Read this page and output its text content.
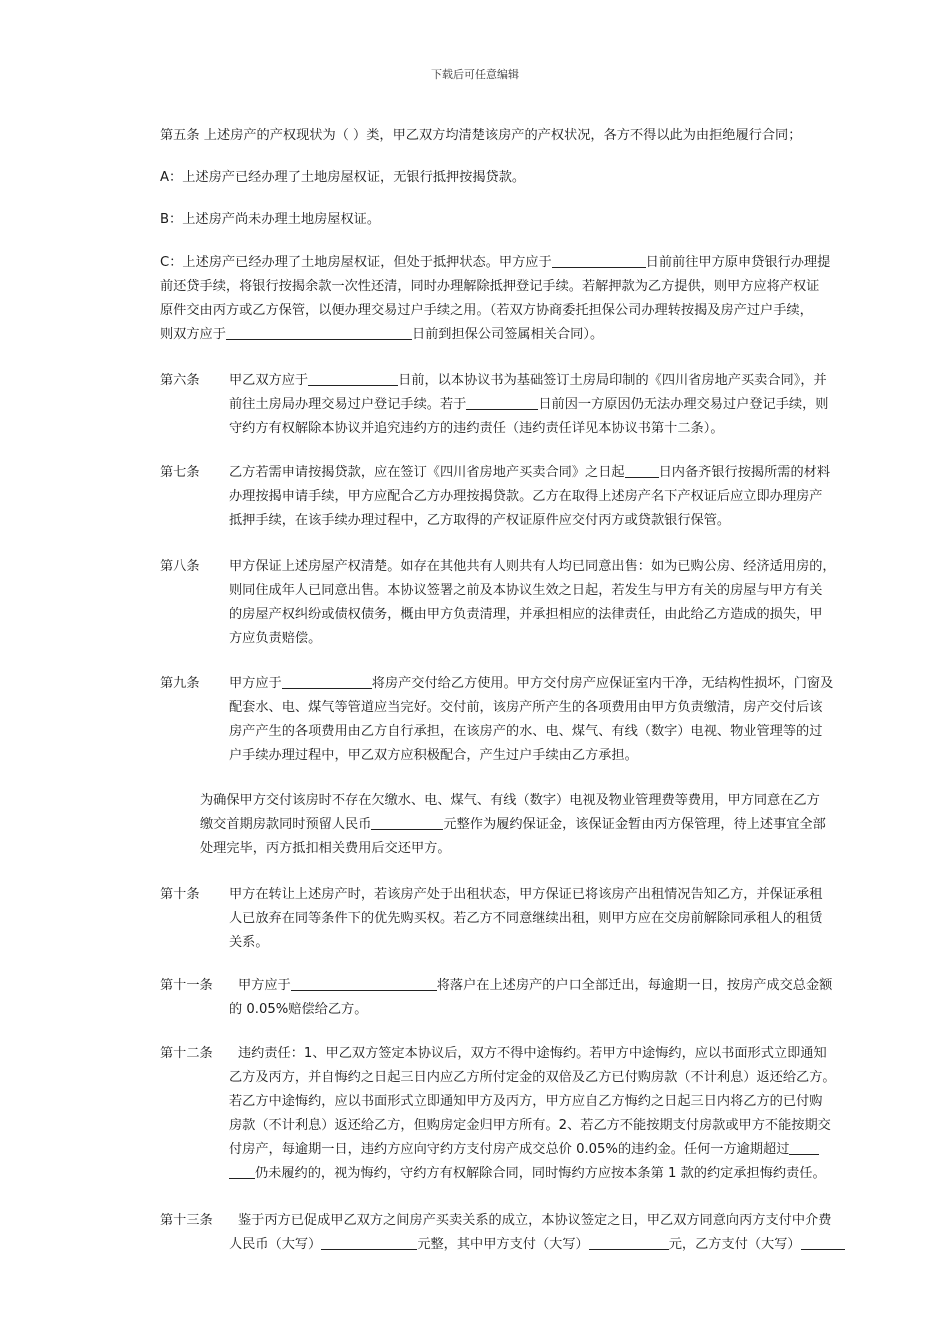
下载后可任意编辑
第五条 上述房产的产权现状为（ ）类，甲乙双方均清楚该房产的产权状况，各方不得以此为由拒绝履行合同；
A：上述房产已经办理了土地房屋权证，无银行抵押按揭贷款。
B：上述房产尚未办理土地房屋权证。
C：上述房产已经办理了土地房屋权证，但处于抵押状态。甲方应于	日前前往甲方原申贷银行办理提
前还贷手续，将银行按揭余款一次性还清，同时办理解除抵押登记手续。若解押款为乙方提供，则甲方应将产权证
原件交由丙方或乙方保管，以便办理交易过户手续之用。（若双方协商委托担保公司办理转按揭及房产过户手续，
则双方应于	日前到担保公司签属相关合同）。
第六条 甲乙双方应于	日前，以本协议书为基础签订土房局印制的《四川省房地产买卖合同》，并
前往土房局办理交易过户登记手续。若于	日前因一方原因仍无法办理交易过户登记手续，则
守约方有权解除本协议并追究违约方的违约责任（违约责任详见本协议书第十二条）。
第七条 乙方若需申请按揭贷款，应在签订《四川省房地产买卖合同》之日起	日内备齐银行按揭所需的材料
办理按揭申请手续，甲方应配合乙方办理按揭贷款。乙方在取得上述房产名下产权证后应立即办理房产
抵押手续，在该手续办理过程中，乙方取得的产权证原件应交付丙方或贷款银行保管。
第八条 甲方保证上述房屋产权清楚。如存在其他共有人则共有人均已同意出售：如为已购公房、经济适用房的，
则同住成年人已同意出售。本协议签署之前及本协议生效之日起，若发生与甲方有关的房屋与甲方有关
的房屋产权纠纷或债权债务，概由甲方负责清理，并承担相应的法律责任，由此给乙方造成的损失，甲
方应负责赔偿。
第九条 甲方应于	将房产交付给乙方使用。甲方交付房产应保证室内干净，无结构性损坏，门窗及
配套水、电、煤气等管道应当完好。交付前，该房产所产生的各项费用由甲方负责缴清，房产交付后该
房产产生的各项费用由乙方自行承担，在该房产的水、电、煤气、有线（数字）电视、物业管理等的过
户手续办理过程中，甲乙双方应积极配合，产生过户手续由乙方承担。
为确保甲方交付该房时不存在欠缴水、电、煤气、有线（数字）电视及物业管理费等费用，甲方同意在乙方
缴交首期房款同时预留人民币	元整作为履约保证金，该保证金暂由丙方保管理，待上述事宜全部
处理完毕，丙方抵扣相关费用后交还甲方。
第十条 甲方在转让上述房产时，若该房产处于出租状态，甲方保证已将该房产出租情况告知乙方，并保证承租
人已放弃在同等条件下的优先购买权。若乙方不同意继续出租，则甲方应在交房前解除同承租人的租赁
关系。
第十一条 甲方应于	将落户在上述房产的户口全部迁出，每逾期一日，按房产成交总金额
的 0.05%赔偿给乙方。
第十二条 违约责任：1、甲乙双方签定本协议后，双方不得中途悔约。若甲方中途悔约，应以书面形式立即通知
乙方及丙方，并自悔约之日起三日内应乙方所付定金的双倍及乙方已付购房款（不计利息）返还给乙方。
若乙方中途悔约，应以书面形式立即通知甲方及丙方，甲方应自乙方悔约之日起三日内将乙方的已付购
房款（不计利息）返还给乙方，但购房定金归甲方所有。2、若乙方不能按期支付房款或甲方不能按期交
付房产，每逾期一日，违约方应向守约方支付房产成交总价 0.05%的违约金。任何一方逾期超过
仍未履约的，视为悔约，守约方有权解除合同，同时悔约方应按本条第 1 款的约定承担悔约责任。
第十三条 鉴于丙方已促成甲乙双方之间房产买卖关系的成立，本协议签定之日，甲乙双方同意向丙方支付中介费
人民币（大写）	元整，其中甲方支付（大写）	元，乙方支付（大写）
